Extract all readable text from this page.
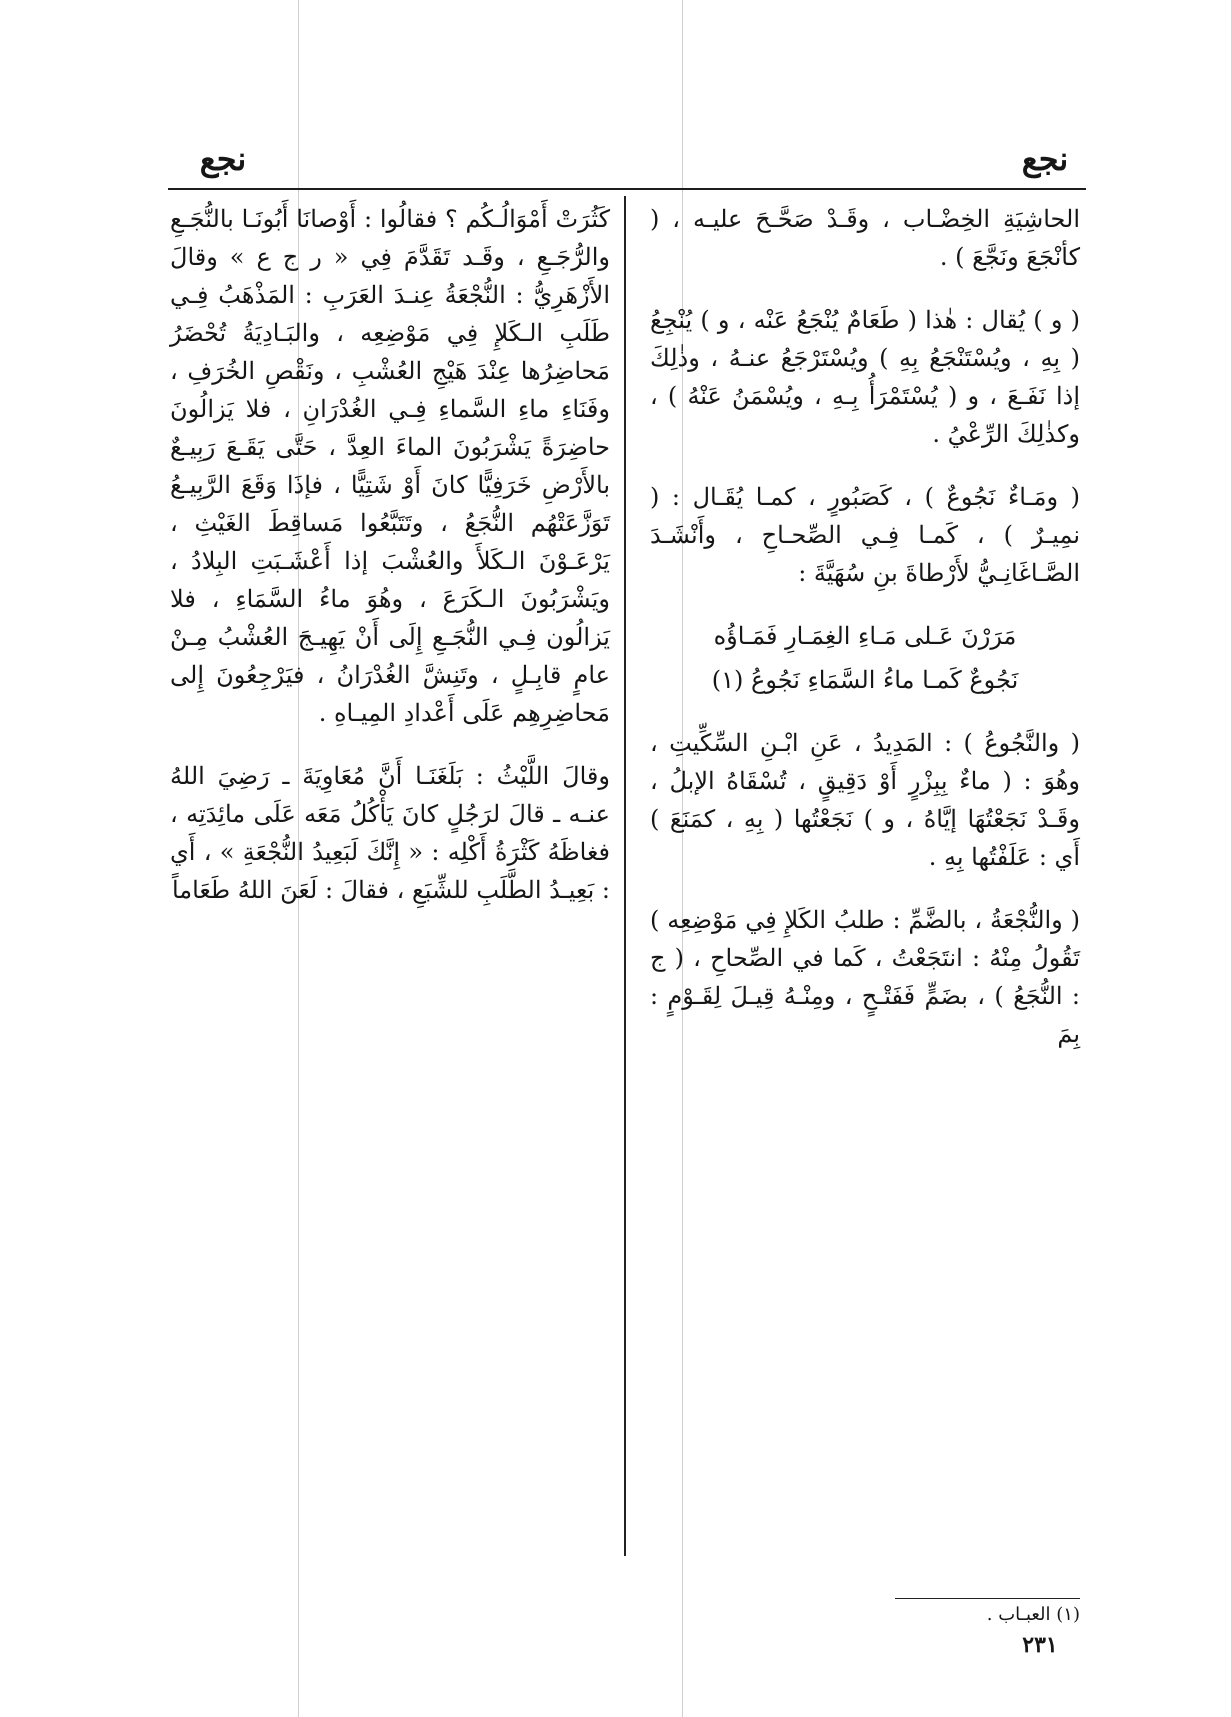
نجع
نجع

الحاشِيَةِ الخِضْـاب ، وقَـدْ صَحَّـحَ عليـه ، ( كأنْجَعَ ونَجَّعَ ) .

( و ) يُقال : هٰذا ( طَعَامٌ يُنْجَعُ عَنْه ، و ) يُنْجِعُ ( بِهِ ، ويُسْتَنْجَعُ بِهِ ) ويُسْتَرْجَعُ عنـهُ ، وذٰلِكَ إذا نَفَـعَ ، و ( يُسْتَمْرَأُ بِـهِ ، ويُسْمَنُ عَنْهُ ) ، وكذٰلِكَ الرِّعْيُ .

( ومَـاءٌ نَجُوعٌ ) ، كَصَبُورٍ ، كمـا يُقَـال : ( نمِيـرٌ ) ، كَمـا فِـي الصِّحـاحِ ، وأَنْشَـدَ الصَّـاغَانِـيُّ لأَرْطاةَ بنِ سُهَيَّةَ :

مَرَرْنَ عَـلى مَـاءِ الغِمَـارِ فَمَـاؤُه

نَجُوعٌ كَمـا ماءُ السَّمَاءِ نَجُوعُ (١)

( والنَّجُوعُ ) : المَدِيدُ ، عَنِ ابْـنِ السِّكِّيتِ ، وهُوَ : ( ماءٌ بِبِزْرٍ أَوْ دَقِيقٍ ، تُسْقَاهُ الإبلُ ، وقَـدْ نَجَعْتُهَا إيَّاهُ ، و ) نَجَعْتُها ( بِهِ ، كمَنَعَ ) أَي : عَلَفْتُها بِهِ .

( والنُّجْعَةُ ، بالضَّمِّ : طلبُ الكَلإِ فِي مَوْضِعِه ) تَقُولُ مِنْهُ : انتَجَعْتُ ، كَما في الصِّحاحِ ، ( ج : النُّجَعُ ) ، بضَمٍّ فَفَتْـحٍ ، ومِنْـهُ قِيـلَ لِقَـوْمٍ : بِمَ

كَثُرَتْ أَمْوَالُـكُم ؟ فقالُوا : أَوْصانَا أَبُونَـا بالنُّجَـعِ والرُّجَـعِ ، وقَـد تَقَدَّمَ فِي « ر ج ع » وقالَ الأَزْهَرِيُّ : النُّجْعَةُ عِنـدَ العَرَبِ : المَذْهَبُ فِـي طَلَبِ الـكَلإِ فِي مَوْضِعِه ، والبَـادِيَةُ تُحْضَرُ مَحاضِرُها عِنْدَ هَيْجِ العُشْبِ ، ونَقْصِ الخُرَفِ ، وفَنَاءِ ماءِ السَّماءِ فِـي الغُدْرَانِ ، فلا يَزالُونَ حاضِرَةً يَشْرَبُونَ الماءَ العِدَّ ، حَتَّى يَقَـعَ رَبِيـعٌ بالأَرْضِ خَرَفِيًّا كانَ أَوْ شَتِيًّا ، فإذَا وَقَعَ الرَّبِيـعُ تَوَزَّعَتْهُم النُّجَعُ ، وتَتَبَّعُوا مَساقِطَ الغَيْثِ ، يَرْعَـوْنَ الـكَلأَ والعُشْبَ إذا أَعْشَـبَتِ البِلادُ ، ويَشْرَبُونَ الـكَرَعَ ، وهُوَ ماءُ السَّمَاءِ ، فلا يَزالُون فِـي النُّجَـعِ إِلَى أَنْ يَهِيـجَ العُشْبُ مِـنْ عامٍ قابِـلٍ ، وتَنِشَّ الغُدْرَانُ ، فيَرْجِعُونَ إِلى مَحاضِرِهِم عَلَى أَعْدادِ المِيـاهِ .

وقالَ اللَّيْثُ : بَلَغَنَـا أَنَّ مُعَاوِيَةَ ـ رَضِيَ اللهُ عنـه ـ قالَ لرَجُلٍ كانَ يَأْكُلُ مَعَه عَلَى مائِدَتِه ، فغاظَهُ كَثْرَةُ أَكْلِه : « إِنَّكَ لَبَعِيدُ النُّجْعَةِ » ، أَي : بَعِيـدُ الطَّلَبِ للشِّبَعِ ، فقالَ : لَعَنَ اللهُ طَعَاماً

(١) العبـاب .
٢٣١
